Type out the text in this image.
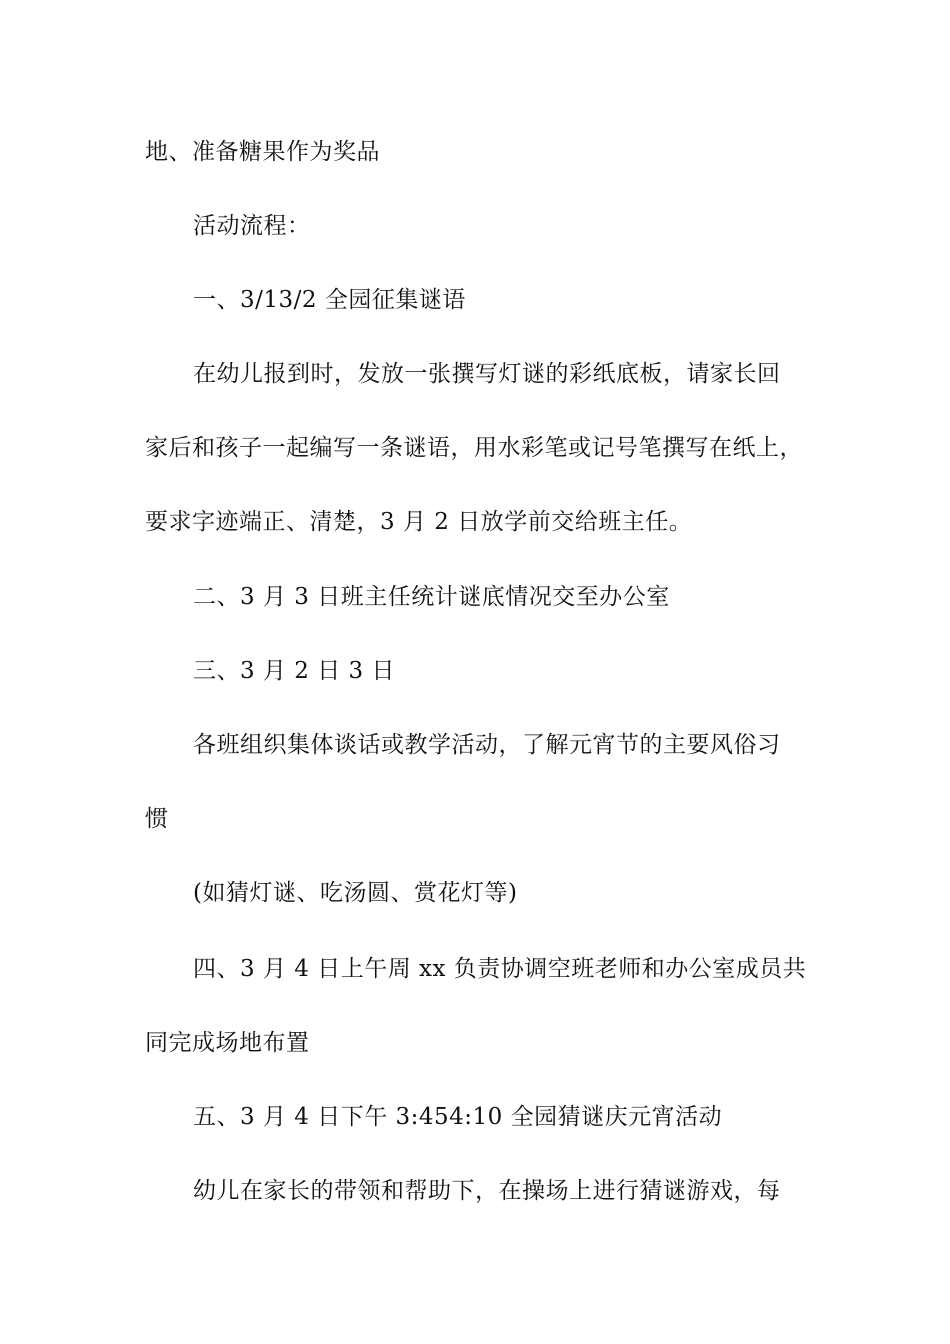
地、准备糖果作为奖品
活动流程：
一、3/13/2 全园征集谜语
在幼儿报到时，发放一张撰写灯谜的彩纸底板，请家长回
家后和孩子一起编写一条谜语，用水彩笔或记号笔撰写在纸上，
要求字迹端正、清楚，3 月 2 日放学前交给班主任。
二、3 月 3 日班主任统计谜底情况交至办公室
三、3 月 2 日 3 日
各班组织集体谈话或教学活动，了解元宵节的主要风俗习
惯
(如猜灯谜、吃汤圆、赏花灯等)
四、3 月 4 日上午周 xx 负责协调空班老师和办公室成员共
同完成场地布置
五、3 月 4 日下午 3:454:10 全园猜谜庆元宵活动
幼儿在家长的带领和帮助下，在操场上进行猜谜游戏，每
